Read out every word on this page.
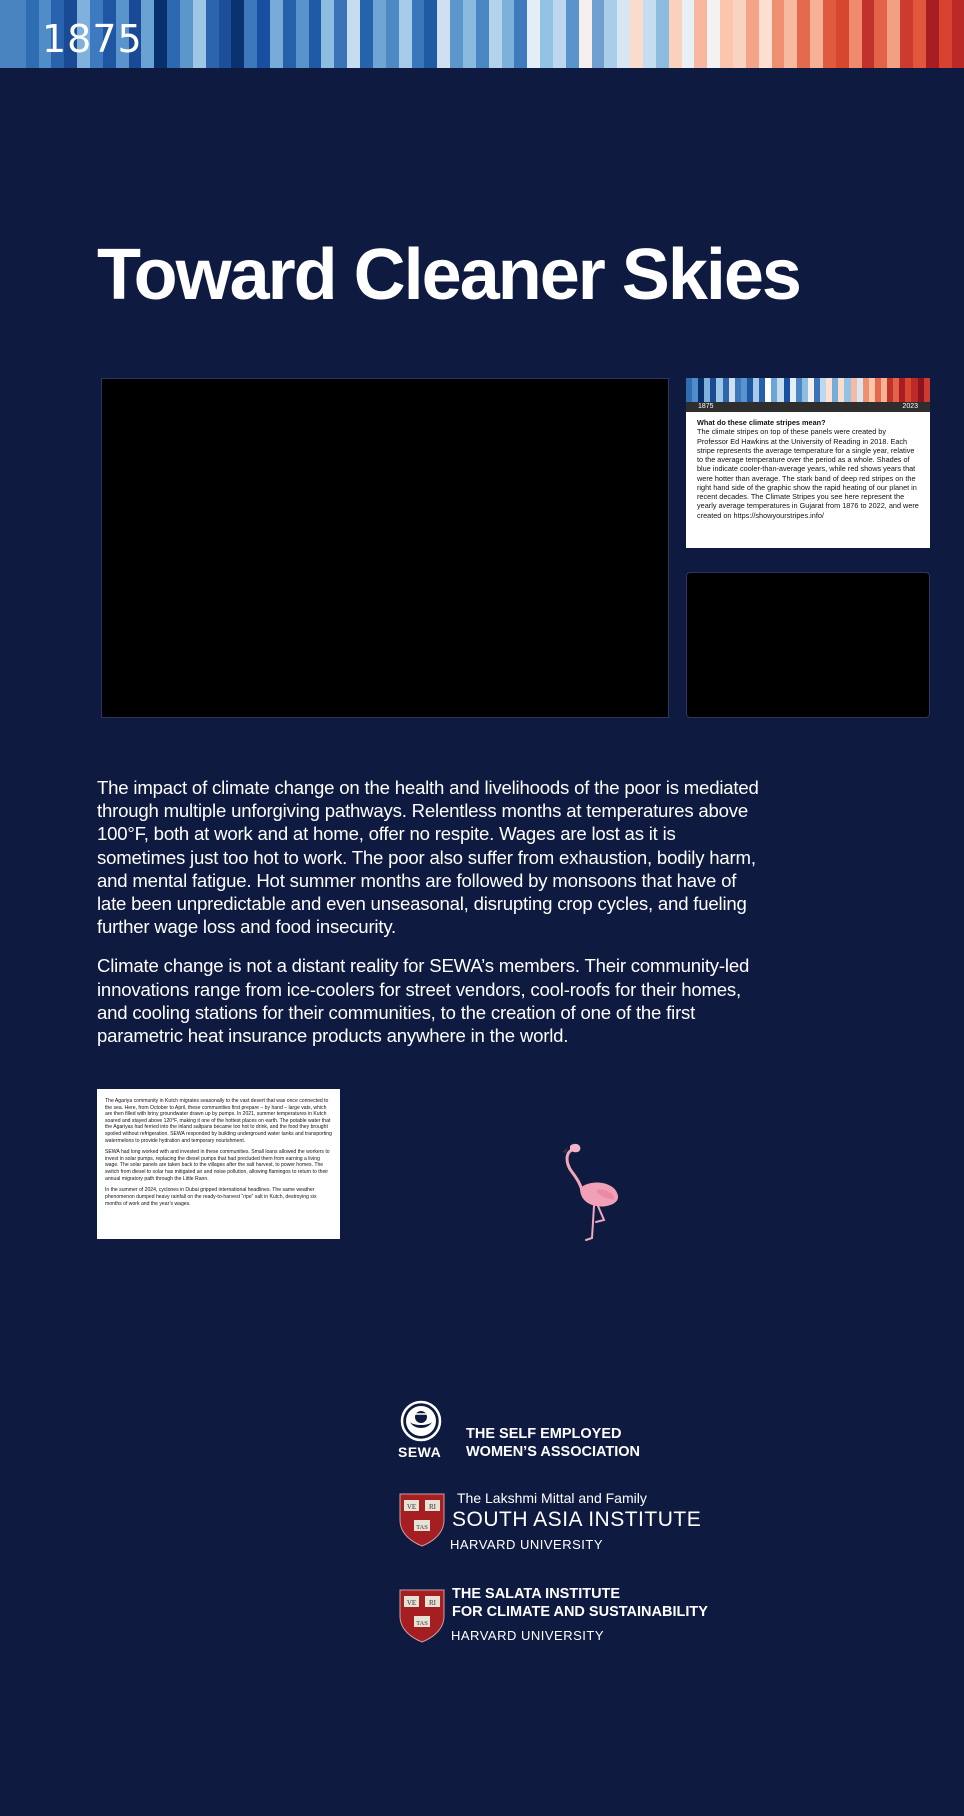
1875
Toward Cleaner Skies
1875	2023
What do these climate stripes mean?
The climate stripes on top of these panels were created by Professor Ed Hawkins at the University of Reading in 2018. Each stripe represents the average temperature for a single year, relative to the average temperature over the period as a whole. Shades of blue indicate cooler-than-average years, while red shows years that were hotter than average. The stark band of deep red stripes on the right hand side of the graphic show the rapid heating of our planet in recent decades. The Climate Stripes you see here represent the yearly average temperatures in Gujarat from 1876 to 2022, and were created on https://showyourstripes.info/

The impact of climate change on the health and livelihoods of the poor is mediated through multiple unforgiving pathways. Relentless months at temperatures above 100°F, both at work and at home, offer no respite. Wages are lost as it is sometimes just too hot to work. The poor also suffer from exhaustion, bodily harm, and mental fatigue. Hot summer months are followed by monsoons that have of late been unpredictable and even unseasonal, disrupting crop cycles, and fueling further wage loss and food insecurity.

Climate change is not a distant reality for SEWA’s members. Their community-led innovations range from ice-coolers for street vendors, cool-roofs for their homes, and cooling stations for their communities, to the creation of one of the first parametric heat insurance products anywhere in the world.

The Agariya community in Kutch migrates seasonally to the vast desert that was once connected to the sea. Here, from October to April, these communities first prepare – by hand – large vats, which are then filled with briny groundwater drawn up by pumps. In 2021, summer temperatures in Kutch soared and stayed above 120°F, making it one of the hottest places on earth. The potable water that the Agariyas had ferried into the inland saltpans became too hot to drink, and the food they brought spoiled without refrigeration. SEWA responded by building underground water tanks and transporting watermelons to provide hydration and temporary nourishment.

SEWA had long worked with and invested in these communities. Small loans allowed the workers to invest in solar pumps, replacing the diesel pumps that had precluded them from earning a living wage. The solar panels are taken back to the villages after the salt harvest, to power homes. The switch from diesel to solar has mitigated air and noise pollution, allowing flamingos to return to their annual migratory path through the Little Rann.

In the summer of 2024, cyclones in Dubai gripped international headlines. The same weather phenomenon dumped heavy rainfall on the ready-to-harvest “ripe” salt in Kutch, destroying six months of work and the year’s wages.

SEWA
THE SELF EMPLOYED
WOMEN’S ASSOCIATION
VE RI
TAS
The Lakshmi Mittal and Family
SOUTH ASIA INSTITUTE
HARVARD UNIVERSITY
VE RI
TAS
THE SALATA INSTITUTE
FOR CLIMATE AND SUSTAINABILITY
HARVARD UNIVERSITY
